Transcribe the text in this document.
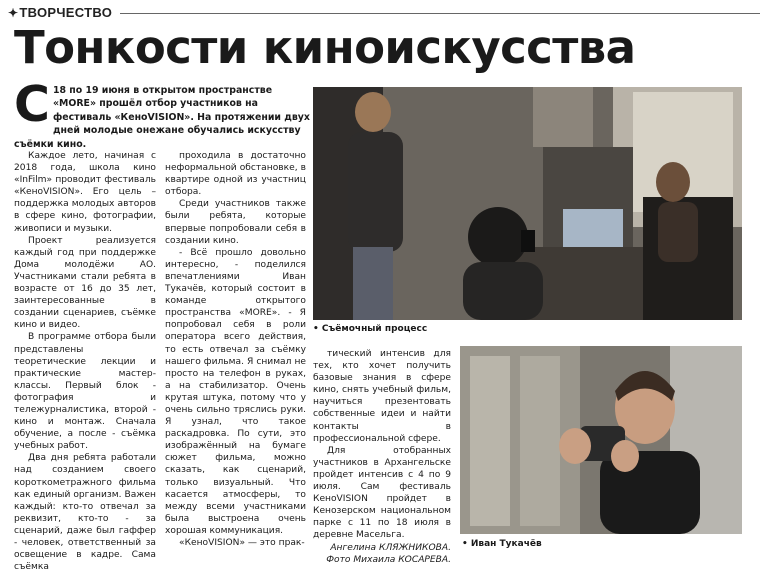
✦ТВОРЧЕСТВО
Тонкости киноискусства
С 18 по 19 июня в открытом пространстве «MORE» прошёл отбор участников на фестиваль «КеноVISION». На протяжении двух дней молодые онежане обучались искусству съёмки кино.

Каждое лето, начиная с 2018 года, школа кино «InFilm» проводит фестиваль «КеноVISION». Его цель – поддержка молодых авторов в сфере кино, фотографии, живописи и музыки.

Проект реализуется каждый год при поддержке Дома молодёжи АО. Участниками стали ребята в возрасте от 16 до 35 лет, заинтересованные в создании сценариев, съёмке кино и видео.

В программе отбора были представлены теоретические лекции и практические мастер-классы. Первый блок - фотография и тележурналистика, второй - кино и монтаж. Сначала обучение, а после - съёмка учебных работ.

Два дня ребята работали над созданием своего короткометражного фильма как единый организм. Важен каждый: кто-то отвечал за реквизит, кто-то - за сценарий, даже был гаффер - человек, ответственный за освещение в кадре. Сама съёмка

проходила в достаточно неформальной обстановке, в квартире одной из участниц отбора.

Среди участников также были ребята, которые впервые попробовали себя в создании кино.

- Всё прошло довольно интересно, - поделился впечатлениями Иван Тукачёв, который состоит в команде открытого пространства «MORE». - Я попробовал себя в роли оператора всего действия, то есть отвечал за съёмку нашего фильма. Я снимал не просто на телефон в руках, а на стабилизатор. Очень крутая штука, потому что у очень сильно тряслись руки. Я узнал, что такое раскадровка. По сути, это изображённый на бумаге сюжет фильма, можно сказать, как сценарий, только визуальный. Что касается атмосферы, то между всеми участниками была выстроена очень хорошая коммуникация.

«КеноVISION» — это прак-

тический интенсив для тех, кто хочет получить базовые знания в сфере кино, снять учебный фильм, научиться презентовать собственные идеи и найти контакты в профессиональной сфере.

Для отобранных участников в Архангельске пройдет интенсив с 4 по 9 июля. Сам фестиваль КеноVISION пройдет в Кенозерском национальном парке с 11 по 18 июля в деревне Масельга.

Ангелина КЛЯЖНИКОВА.

Фото Михаила КОСАРЕВА.

• Съёмочный процесс
• Иван Тукачёв
